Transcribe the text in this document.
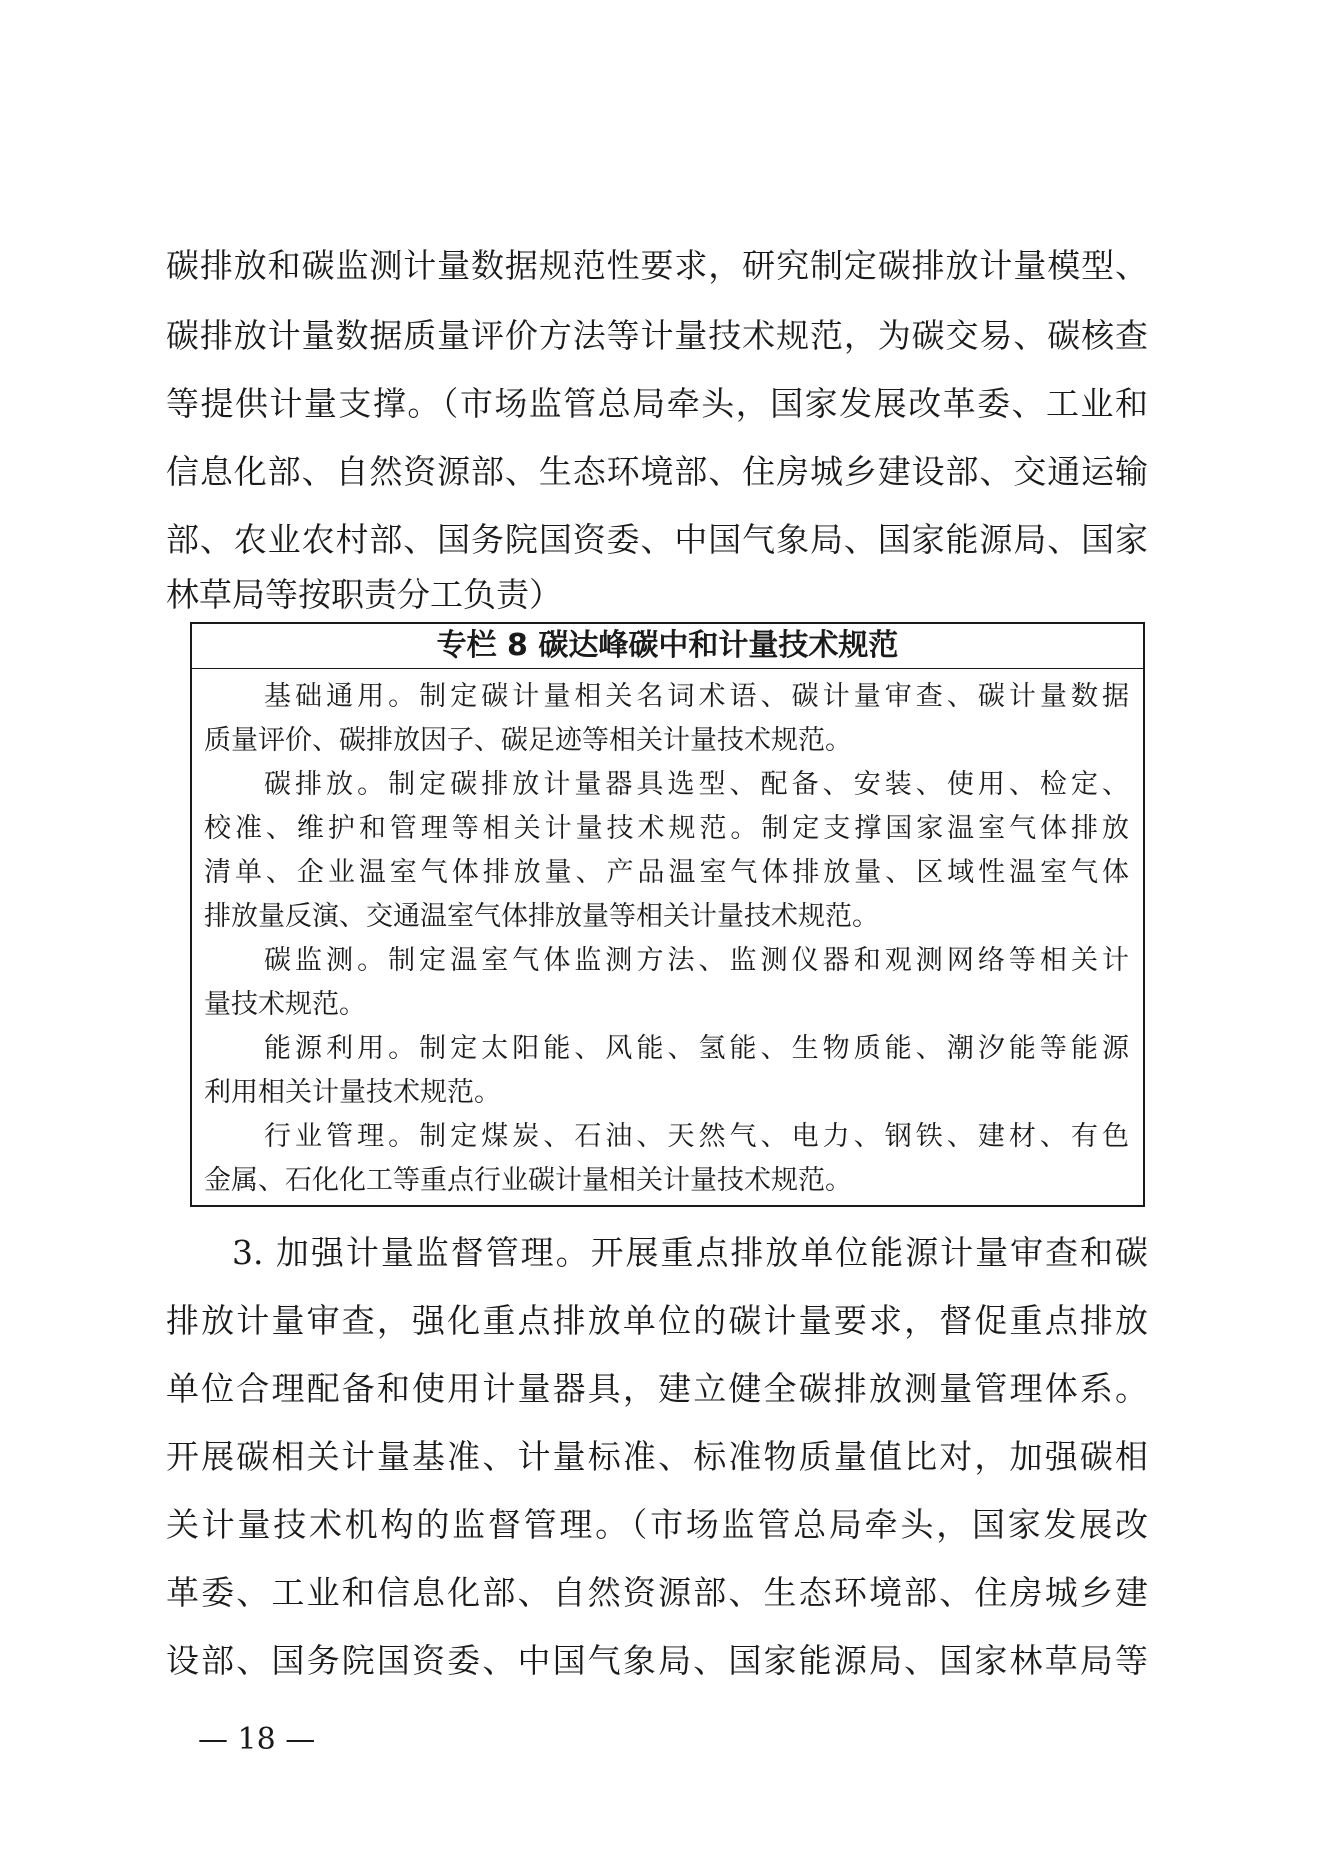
碳排放和碳监测计量数据规范性要求，研究制定碳排放计量模型、
碳排放计量数据质量评价方法等计量技术规范，为碳交易、碳核查
等提供计量支撑。（市场监管总局牵头，国家发展改革委、工业和
信息化部、自然资源部、生态环境部、住房城乡建设部、交通运输
部、农业农村部、国务院国资委、中国气象局、国家能源局、国家
林草局等按职责分工负责）
专栏 8 碳达峰碳中和计量技术规范
基础通用。制定碳计量相关名词术语、碳计量审查、碳计量数据
质量评价、碳排放因子、碳足迹等相关计量技术规范。
碳排放。制定碳排放计量器具选型、配备、安装、使用、检定、
校准、维护和管理等相关计量技术规范。制定支撑国家温室气体排放
清单、企业温室气体排放量、产品温室气体排放量、区域性温室气体
排放量反演、交通温室气体排放量等相关计量技术规范。
碳监测。制定温室气体监测方法、监测仪器和观测网络等相关计
量技术规范。
能源利用。制定太阳能、风能、氢能、生物质能、潮汐能等能源
利用相关计量技术规范。
行业管理。制定煤炭、石油、天然气、电力、钢铁、建材、有色
金属、石化化工等重点行业碳计量相关计量技术规范。
3. 加强计量监督管理。开展重点排放单位能源计量审查和碳
排放计量审查，强化重点排放单位的碳计量要求，督促重点排放
单位合理配备和使用计量器具，建立健全碳排放测量管理体系。
开展碳相关计量基准、计量标准、标准物质量值比对，加强碳相
关计量技术机构的监督管理。（市场监管总局牵头，国家发展改
革委、工业和信息化部、自然资源部、生态环境部、住房城乡建
设部、国务院国资委、中国气象局、国家能源局、国家林草局等
— 18 —
